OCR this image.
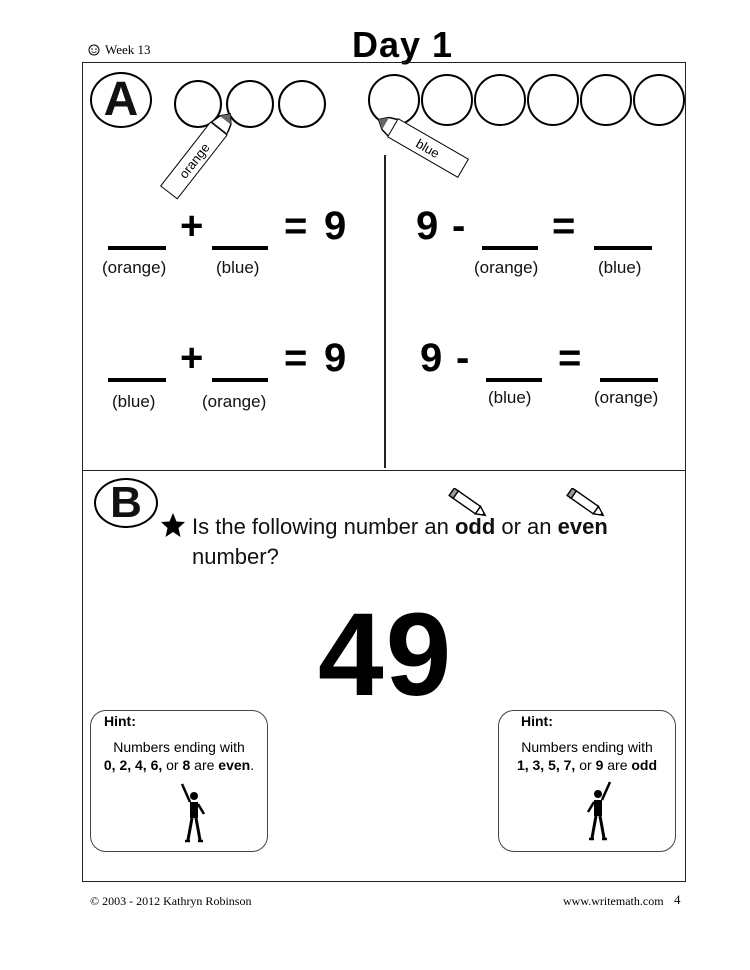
Week 13	Day 1
A
orange	blue
+ = 9
(orange)	(blue)
9 - =
(orange)	(blue)
+ = 9
(blue)	(orange)
9 - =
(blue)	(orange)
B	Is the following number an odd or an even
number?
49
Hint:
Numbers ending with
0, 2, 4, 6, or 8 are even.
Hint:
Numbers ending with
1, 3, 5, 7, or 9 are odd
© 2003 - 2012 Kathryn Robinson	www.writemath.com 4
